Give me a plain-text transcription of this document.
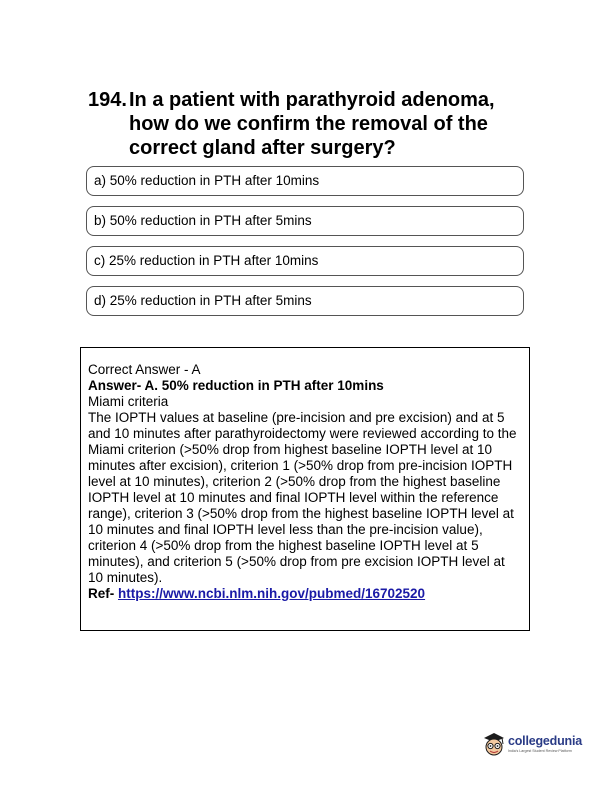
194. In a patient with parathyroid adenoma, how do we confirm the removal of the correct gland after surgery?
a) 50% reduction in PTH after 10mins
b) 50% reduction in PTH after 5mins
c) 25% reduction in PTH after 10mins
d) 25% reduction in PTH after 5mins
Correct Answer - A
Answer- A. 50% reduction in PTH after 10mins
Miami criteria
The IOPTH values at baseline (pre-incision and pre excision) and at 5 and 10 minutes after parathyroidectomy were reviewed according to the Miami criterion (>50% drop from highest baseline IOPTH level at 10 minutes after excision), criterion 1 (>50% drop from pre-incision IOPTH level at 10 minutes), criterion 2 (>50% drop from the highest baseline IOPTH level at 10 minutes and final IOPTH level within the reference range), criterion 3 (>50% drop from the highest baseline IOPTH level at 10 minutes and final IOPTH level less than the pre-incision value), criterion 4 (>50% drop from the highest baseline IOPTH level at 5 minutes), and criterion 5 (>50% drop from pre excision IOPTH level at 10 minutes).
Ref- https://www.ncbi.nlm.nih.gov/pubmed/16702520
collegedunia
India's Largest Student Review Platform
